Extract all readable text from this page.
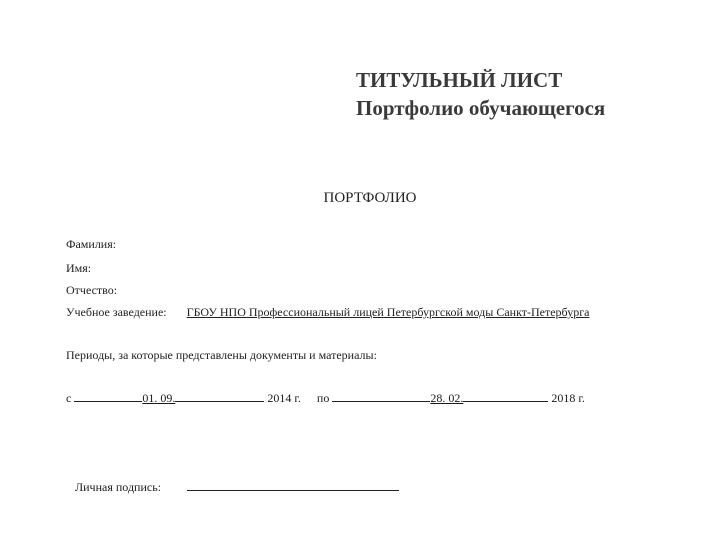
ТИТУЛЬНЫЙ ЛИСТ
Портфолио обучающегося
ПОРТФОЛИО
Фамилия:
Имя:
Отчество:
Учебное заведение: ГБОУ НПО Профессиональный лицей Петербургской моды Санкт-Петербурга
Периоды, за которые представлены документы и материалы:
с	01. 09.	2014 г. по	28. 02.	2018 г.
Личная подпись:
